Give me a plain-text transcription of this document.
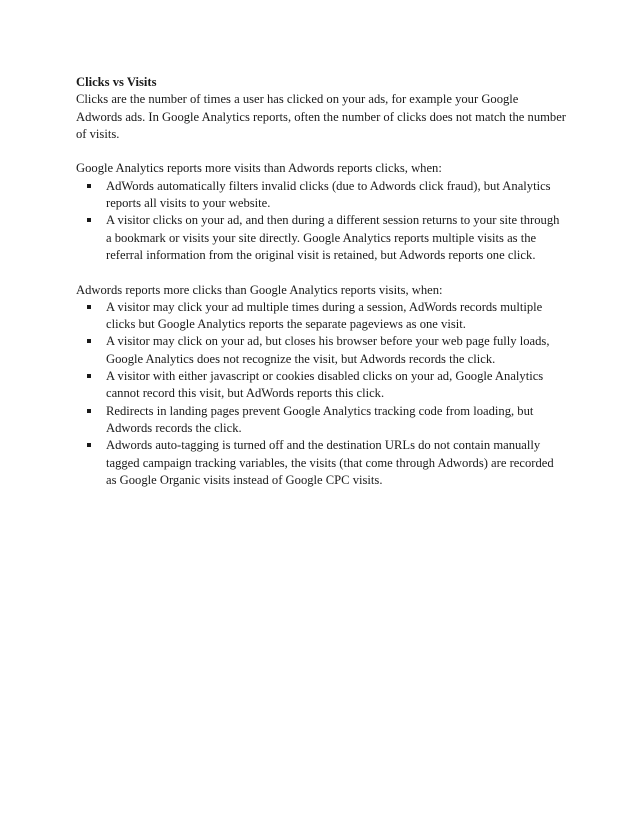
Clicks vs Visits

Clicks are the number of times a user has clicked on your ads, for example your Google Adwords ads. In Google Analytics reports, often the number of clicks does not match the number of visits.

Google Analytics reports more visits than Adwords reports clicks, when:

AdWords automatically filters invalid clicks (due to Adwords click fraud), but Analytics reports all visits to your website.
A visitor clicks on your ad, and then during a different session returns to your site through a bookmark or visits your site directly. Google Analytics reports multiple visits as the referral information from the original visit is retained, but Adwords reports one click.

Adwords reports more clicks than Google Analytics reports visits, when:

A visitor may click your ad multiple times during a session, AdWords records multiple clicks but Google Analytics reports the separate pageviews as one visit.
A visitor may click on your ad, but closes his browser before your web page fully loads, Google Analytics does not recognize the visit, but Adwords records the click.
A visitor with either javascript or cookies disabled clicks on your ad, Google Analytics cannot record this visit, but AdWords reports this click.
Redirects in landing pages prevent Google Analytics tracking code from loading, but Adwords records the click.
Adwords auto-tagging is turned off and the destination URLs do not contain manually tagged campaign tracking variables, the visits (that come through Adwords) are recorded as Google Organic visits instead of Google CPC visits.
